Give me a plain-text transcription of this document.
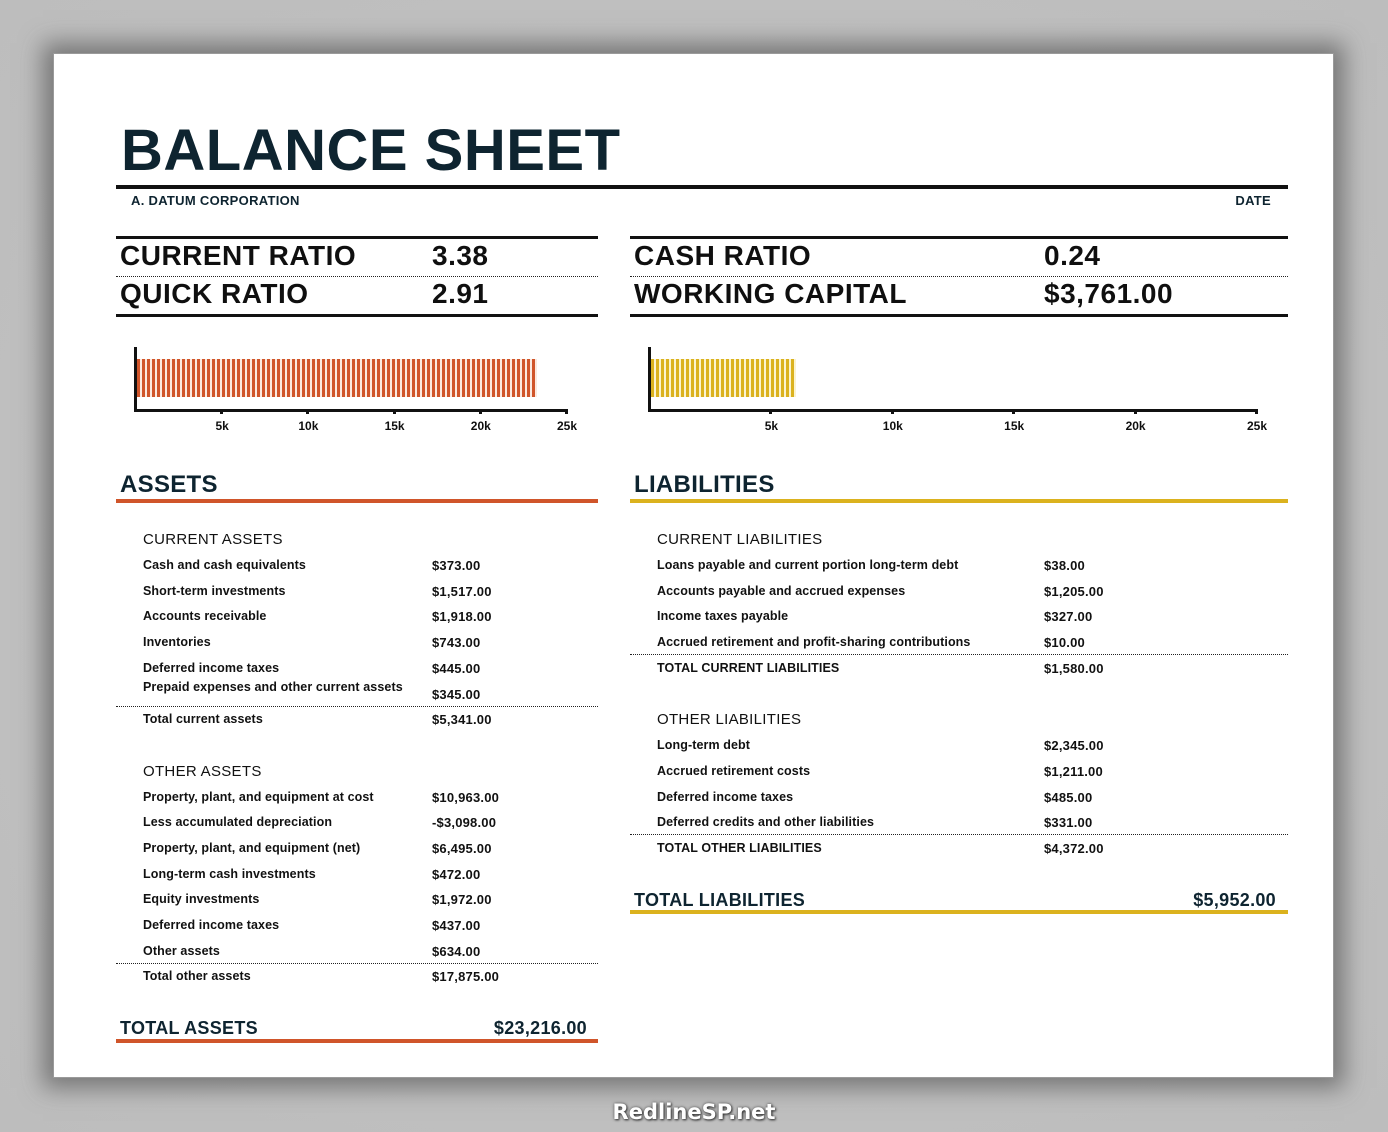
BALANCE SHEET
A. DATUM CORPORATION	DATE
CURRENT RATIO	3.38
QUICK RATIO	2.91
CASH RATIO	0.24
WORKING CAPITAL	$3,761.00
5k	10k	15k	20k	25k	5k	10k	15k	20k	25k
ASSETS
CURRENT ASSETS
Cash and cash equivalents	$373.00
Short-term investments	$1,517.00
Accounts receivable	$1,918.00
Inventories	$743.00
Deferred income taxes	$445.00
Prepaid expenses and other current assets $345.00
Total current assets	$5,341.00
OTHER ASSETS
Property, plant, and equipment at cost	$10,963.00
Less accumulated depreciation	-$3,098.00
Property, plant, and equipment (net)	$6,495.00
Long-term cash investments	$472.00
Equity investments	$1,972.00
Deferred income taxes	$437.00
Other assets	$634.00
Total other assets	$17,875.00
TOTAL ASSETS	$23,216.00
LIABILITIES
CURRENT LIABILITIES
Loans payable and current portion long-term debt	$38.00
Accounts payable and accrued expenses	$1,205.00
Income taxes payable	$327.00
Accrued retirement and profit-sharing contributions	$10.00
TOTAL CURRENT LIABILITIES	$1,580.00
OTHER LIABILITIES
Long-term debt	$2,345.00
Accrued retirement costs	$1,211.00
Deferred income taxes	$485.00
Deferred credits and other liabilities	$331.00
TOTAL OTHER LIABILITIES	$4,372.00
TOTAL LIABILITIES	$5,952.00
RedlineSP.net
